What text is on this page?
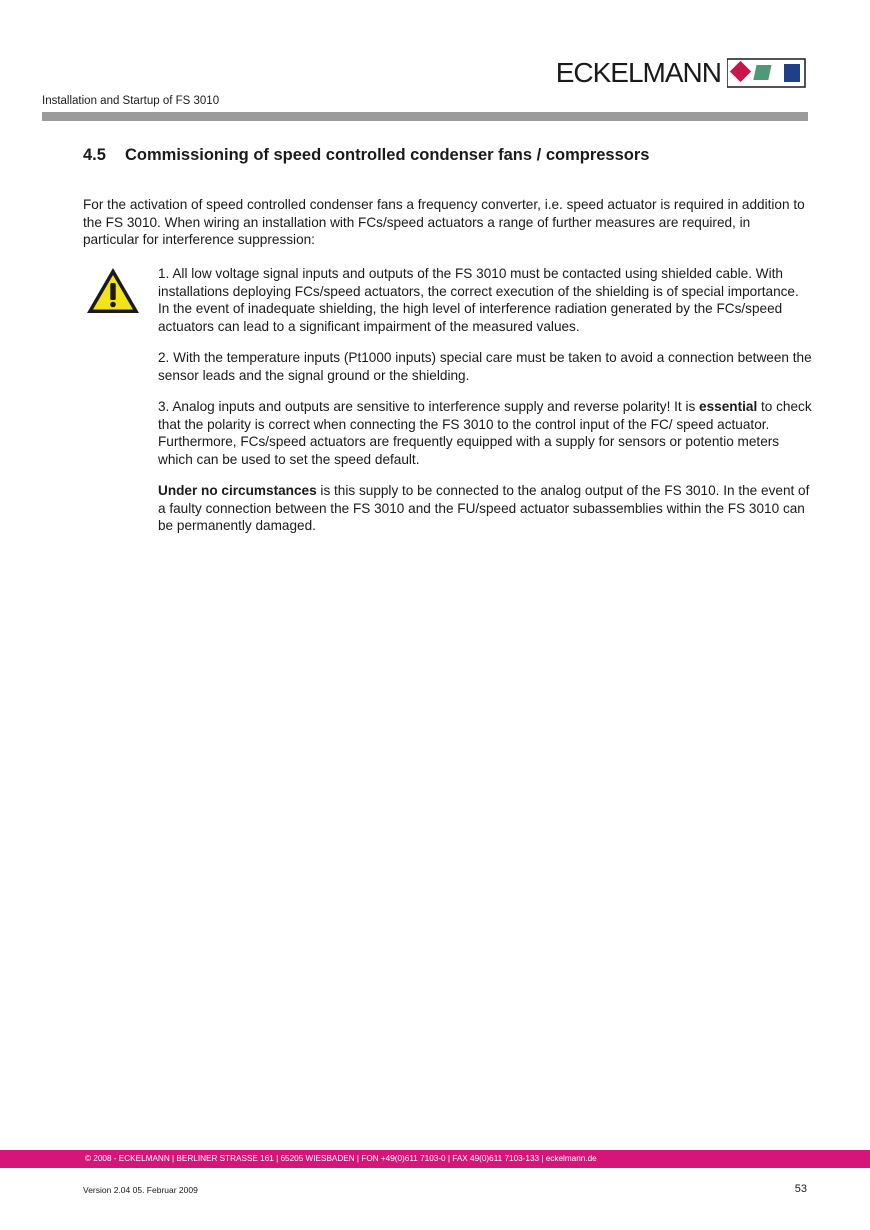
ECKELMANN
Installation and Startup of FS 3010
4.5 Commissioning of speed controlled condenser fans / compressors

For the activation of speed controlled condenser fans a frequency converter, i.e. speed actuator is required in addition to the FS 3010. When wiring an installation with FCs/speed actuators a range of further measures are required, in particular for interference suppression:

1. All low voltage signal inputs and outputs of the FS 3010 must be contacted using shielded cable. With installations deploying FCs/speed actuators, the correct execution of the shielding is of special importance. In the event of inadequate shielding, the high level of interference radiation generated by the FCs/speed actuators can lead to a significant impairment of the measured values.

2. With the temperature inputs (Pt1000 inputs) special care must be taken to avoid a connection between the sensor leads and the signal ground or the shielding.

3. Analog inputs and outputs are sensitive to interference supply and reverse polarity! It is essential to check that the polarity is correct when connecting the FS 3010 to the control input of the FC/ speed actuator. Furthermore, FCs/speed actuators are frequently equipped with a supply for sensors or potentio meters which can be used to set the speed default.

Under no circumstances is this supply to be connected to the analog output of the FS 3010. In the event of a faulty connection between the FS 3010 and the FU/speed actuator subassemblies within the FS 3010 can be permanently damaged.

© 2008 - ECKELMANN | BERLINER STRASSE 161 | 65205 WIESBADEN | FON +49(0)611 7103-0 | FAX 49(0)611 7103-133 | eckelmann.de
Version 2.04 05. Februar 2009	53
